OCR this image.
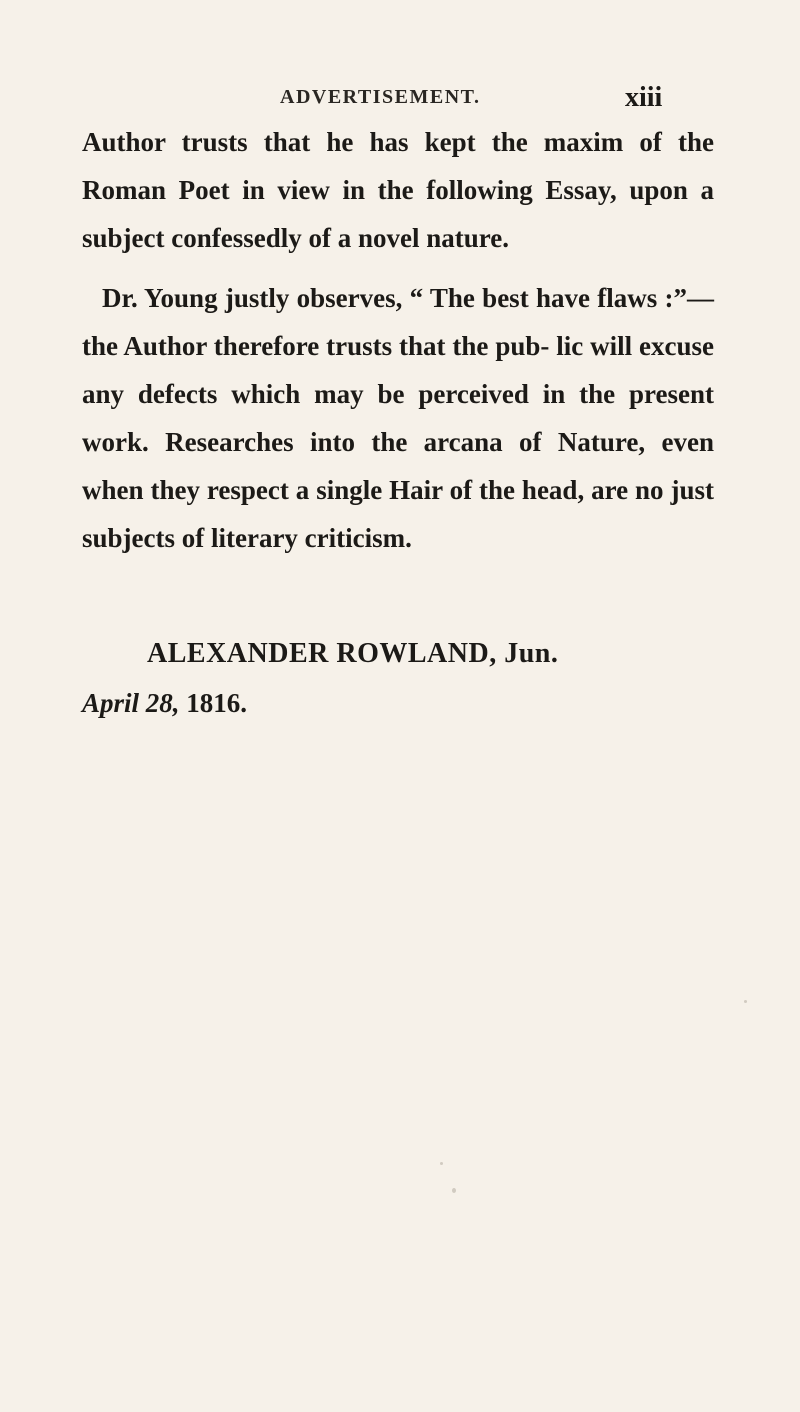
ADVERTISEMENT.	xiii

Author trusts that he has kept the maxim of the Roman Poet in view in the following Essay, upon a subject confessedly of a novel nature.

Dr. Young justly observes, “ The best have flaws :”—the Author therefore trusts that the pub- lic will excuse any defects which may be perceived in the present work. Researches into the arcana of Nature, even when they respect a single Hair of the head, are no just subjects of literary criticism.

ALEXANDER ROWLAND, Jun.
April 28, 1816.
